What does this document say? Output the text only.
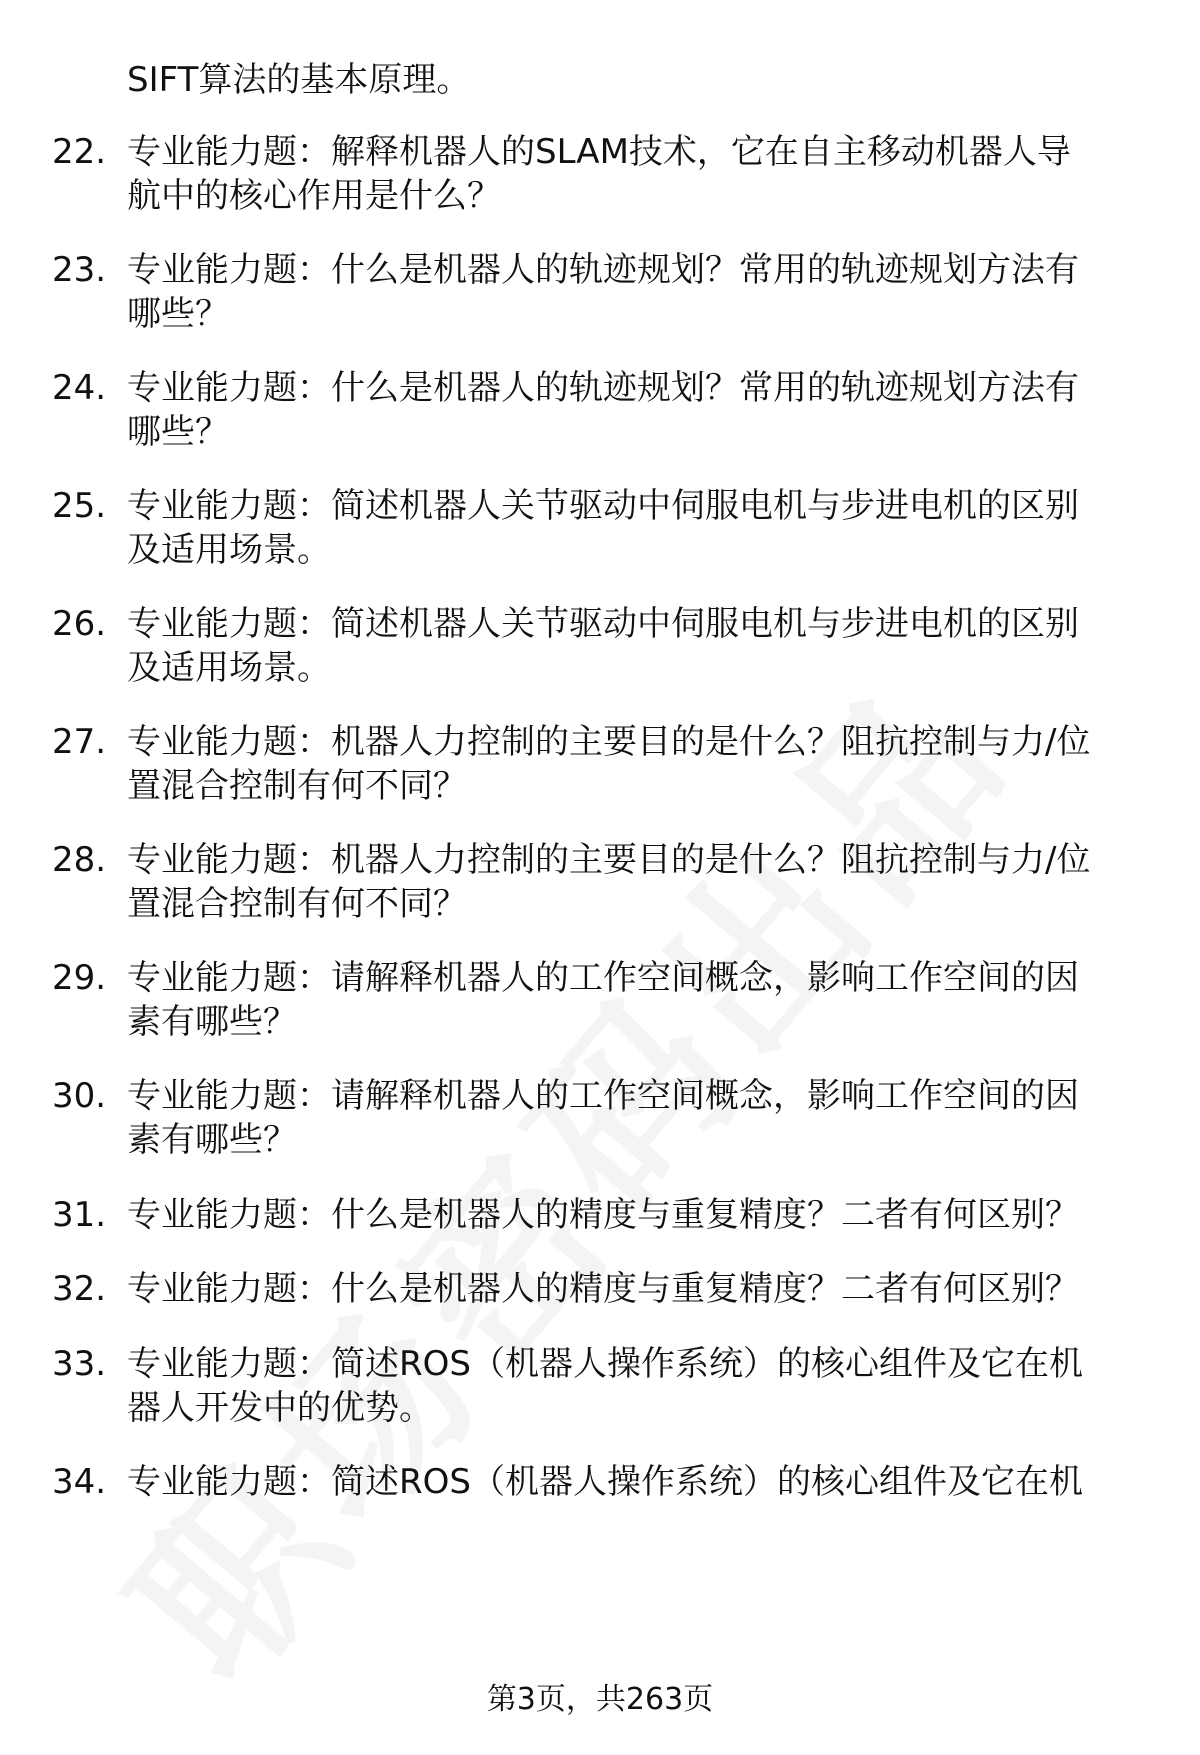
SIFT算法的基本原理。
22. 专业能力题：解释机器人的SLAM技术，它在自主移动机器人导
航中的核心作用是什么？
23. 专业能力题：什么是机器人的轨迹规划？常用的轨迹规划方法有
哪些？
24. 专业能力题：什么是机器人的轨迹规划？常用的轨迹规划方法有
哪些？
25. 专业能力题：简述机器人关节驱动中伺服电机与步进电机的区别
及适用场景。
26. 专业能力题：简述机器人关节驱动中伺服电机与步进电机的区别
及适用场景。
27. 专业能力题：机器人力控制的主要目的是什么？阻抗控制与力/位
置混合控制有何不同？
28. 专业能力题：机器人力控制的主要目的是什么？阻抗控制与力/位
置混合控制有何不同？
29. 专业能力题：请解释机器人的工作空间概念，影响工作空间的因
素有哪些？
30. 专业能力题：请解释机器人的工作空间概念，影响工作空间的因
素有哪些？
31. 专业能力题：什么是机器人的精度与重复精度？二者有何区别？
32. 专业能力题：什么是机器人的精度与重复精度？二者有何区别？
33. 专业能力题：简述ROS（机器人操作系统）的核心组件及它在机
器人开发中的优势。
34. 专业能力题：简述ROS（机器人操作系统）的核心组件及它在机
第3页，共263页
